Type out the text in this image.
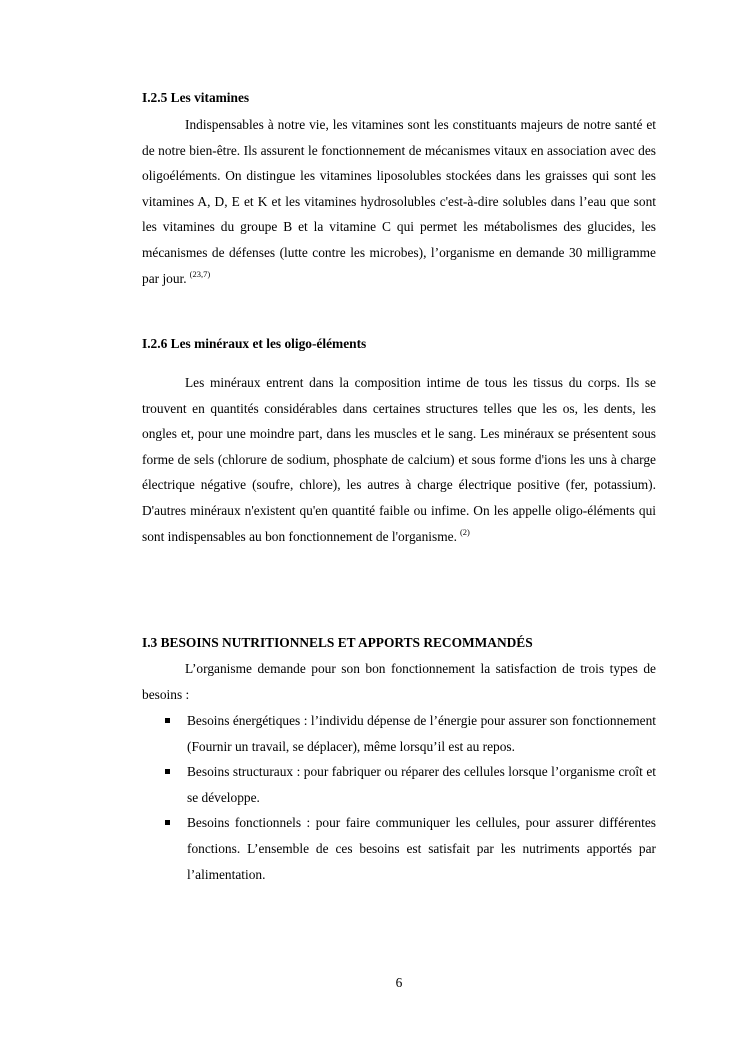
I.2.5 Les vitamines

Indispensables à notre vie, les vitamines sont les constituants majeurs de notre santé et de notre bien-être. Ils assurent le fonctionnement de mécanismes vitaux en association avec des oligoéléments. On distingue les vitamines liposolubles stockées dans les graisses qui sont les vitamines A, D, E et K et les vitamines hydrosolubles c'est-à-dire solubles dans l’eau que sont les vitamines du groupe B et la vitamine C qui permet les métabolismes des glucides, les mécanismes de défenses (lutte contre les microbes), l’organisme en demande 30 milligramme par jour. $^{(23,7)}$

I.2.6 Les minéraux et les oligo-éléments

Les minéraux entrent dans la composition intime de tous les tissus du corps. Ils se trouvent en quantités considérables dans certaines structures telles que les os, les dents, les ongles et, pour une moindre part, dans les muscles et le sang. Les minéraux se présentent sous forme de sels (chlorure de sodium, phosphate de calcium) et sous forme d'ions les uns à charge électrique négative (soufre, chlore), les autres à charge électrique positive (fer, potassium). D'autres minéraux n'existent qu'en quantité faible ou infime. On les appelle oligo-éléments qui sont indispensables au bon fonctionnement de l'organisme. $^{(2)}$

I.3 BESOINS NUTRITIONNELS ET APPORTS RECOMMANDÉS

L’organisme demande pour son bon fonctionnement la satisfaction de trois types de besoins :

Besoins énergétiques : l’individu dépense de l’énergie pour assurer son fonctionnement (Fournir un travail, se déplacer), même lorsqu’il est au repos.
Besoins structuraux : pour fabriquer ou réparer des cellules lorsque l’organisme croît et se développe.
Besoins fonctionnels : pour faire communiquer les cellules, pour assurer différentes fonctions. L’ensemble de ces besoins est satisfait par les nutriments apportés par l’alimentation.
6
